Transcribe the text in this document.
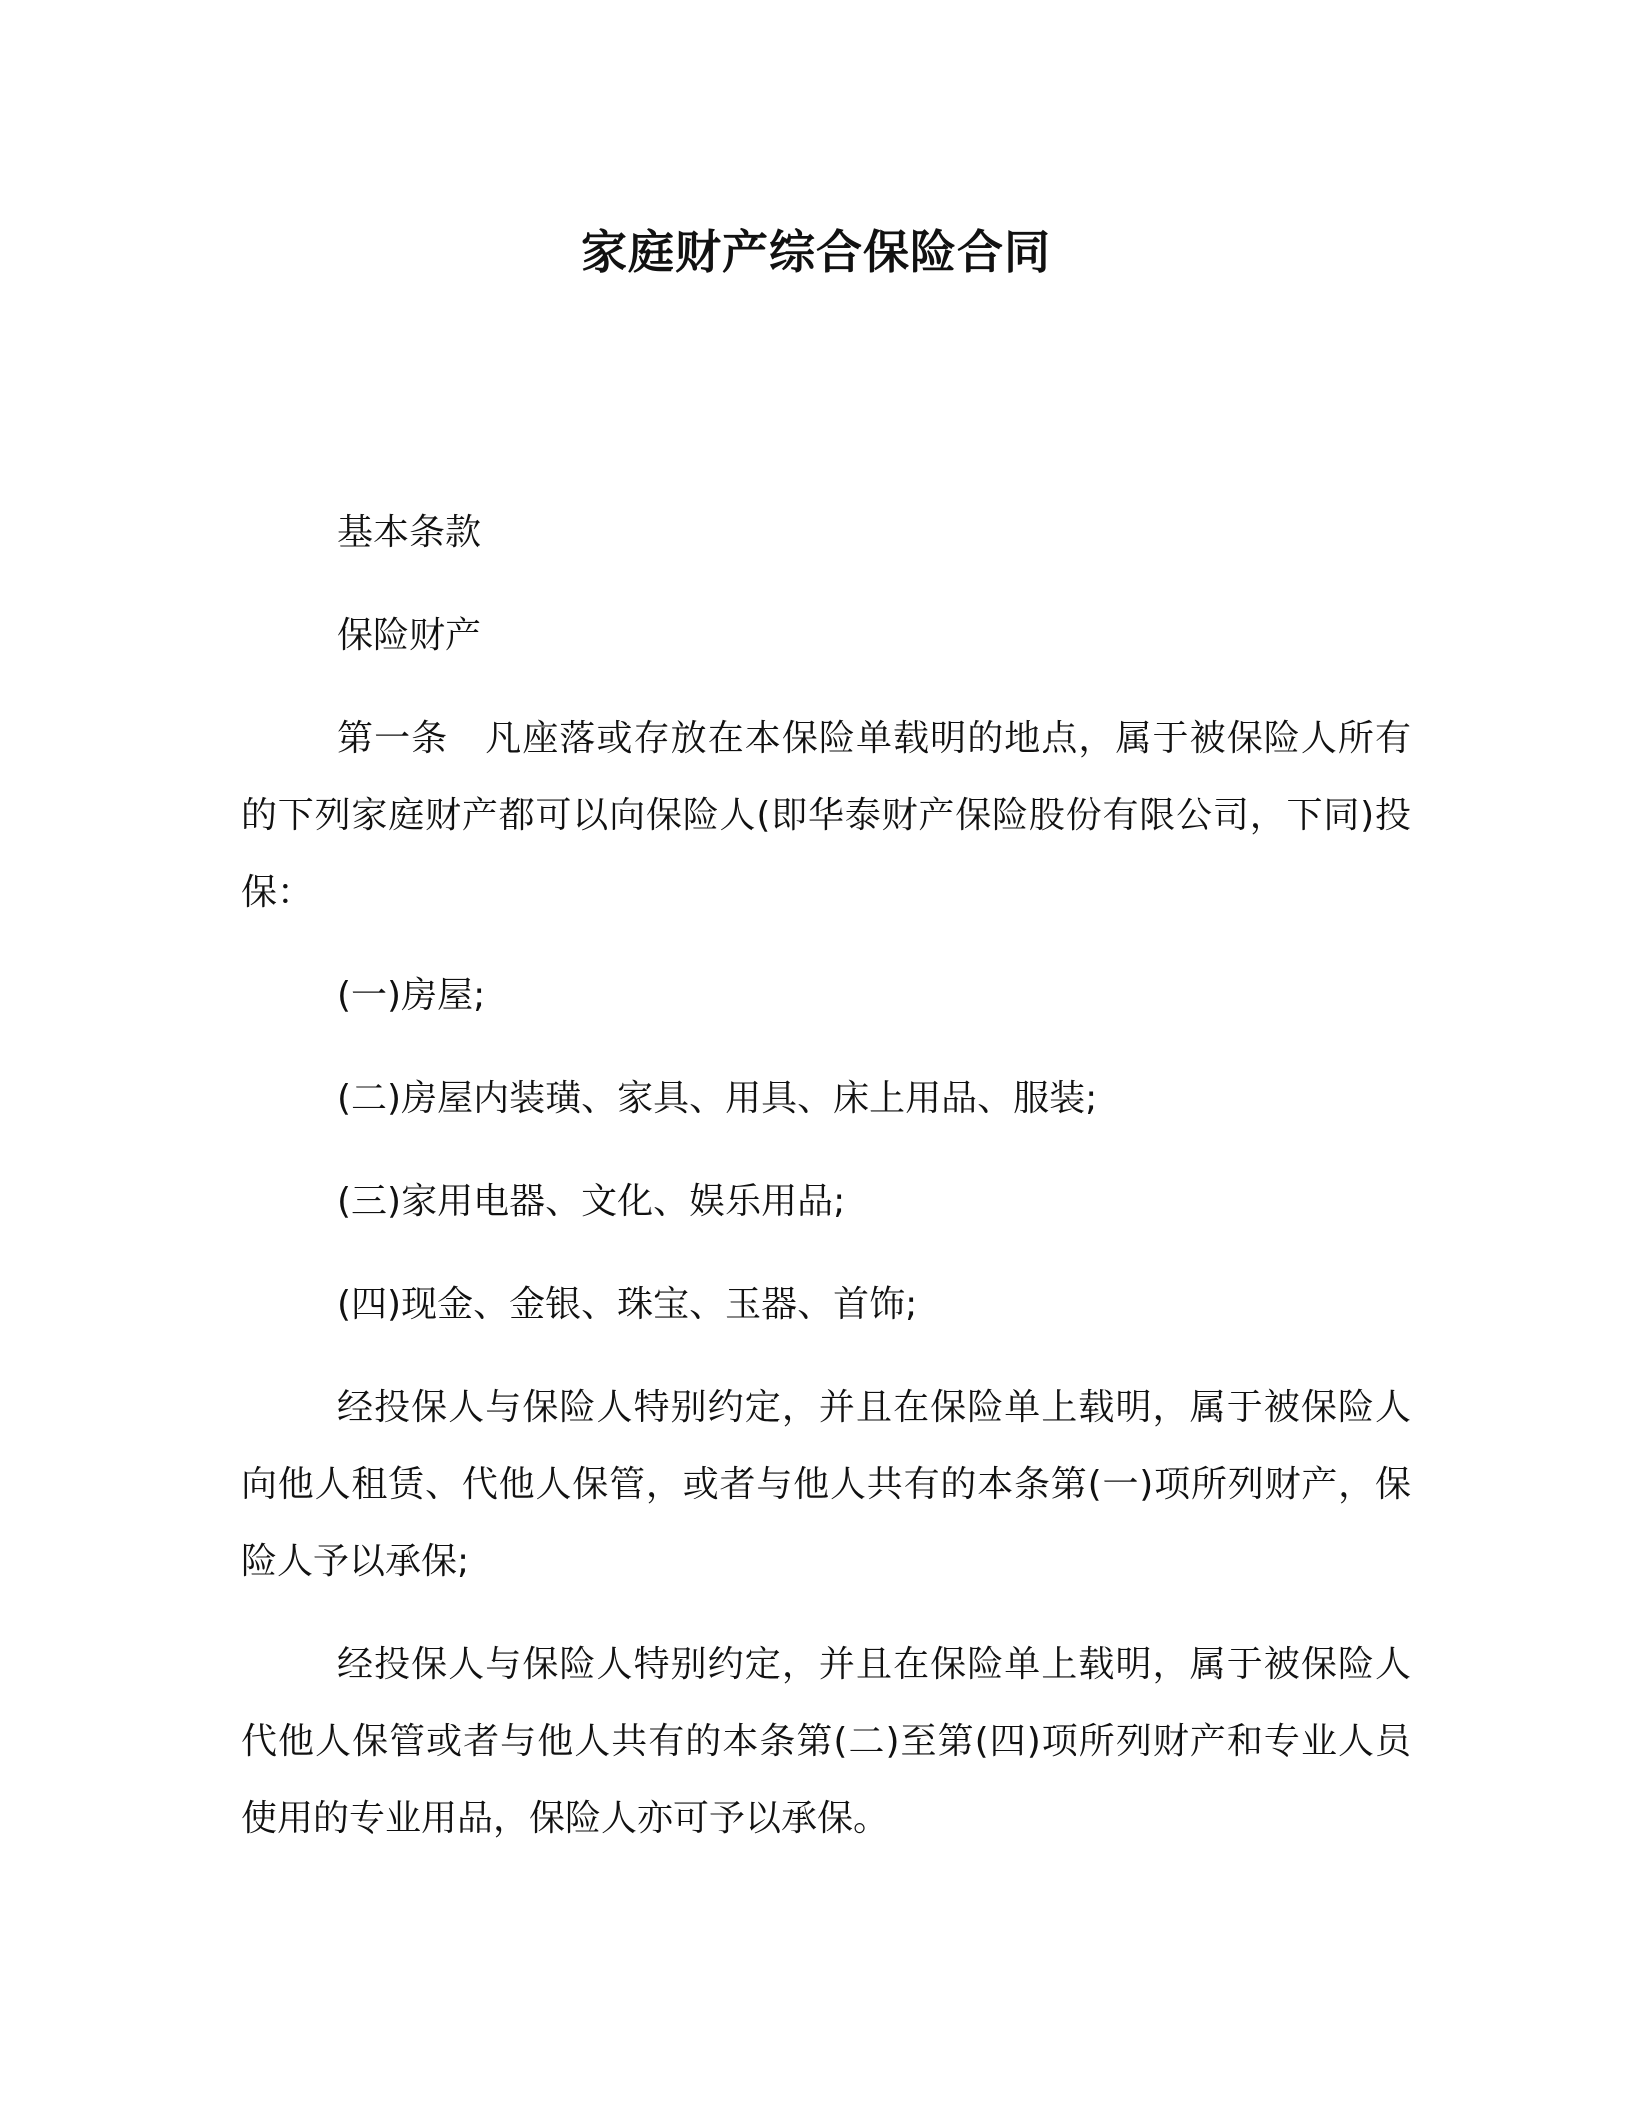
家庭财产综合保险合同

基本条款

保险财产

第一条　凡座落或存放在本保险单载明的地点，属于被保险人所有的下列家庭财产都可以向保险人(即华泰财产保险股份有限公司，下同)投保：

(一)房屋;

(二)房屋内装璜、家具、用具、床上用品、服装;

(三)家用电器、文化、娱乐用品;

(四)现金、金银、珠宝、玉器、首饰;

经投保人与保险人特别约定，并且在保险单上载明，属于被保险人向他人租赁、代他人保管，或者与他人共有的本条第(一)项所列财产，保险人予以承保;

经投保人与保险人特别约定，并且在保险单上载明，属于被保险人代他人保管或者与他人共有的本条第(二)至第(四)项所列财产和专业人员使用的专业用品，保险人亦可予以承保。
